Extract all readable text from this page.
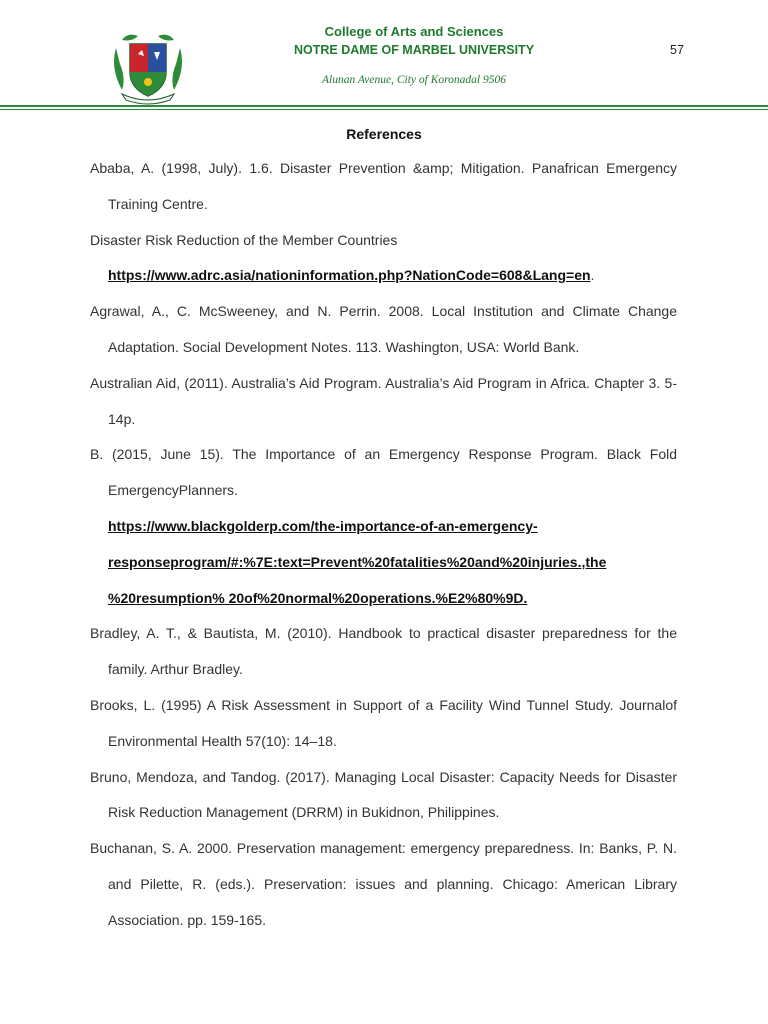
College of Arts and Sciences
NOTRE DAME OF MARBEL UNIVERSITY
Alunan Avenue, City of Koronadal 9506
57
References

Ababa, A. (1998, July). 1.6. Disaster Prevention &amp; Mitigation. Panafrican Emergency Training Centre.

Disaster Risk Reduction of the Member Countries
https://www.adrc.asia/nationinformation.php?NationCode=608&Lang=en.

Agrawal, A., C. McSweeney, and N. Perrin. 2008. Local Institution and Climate Change Adaptation. Social Development Notes. 113. Washington, USA: World Bank.

Australian Aid, (2011). Australia’s Aid Program. Australia’s Aid Program in Africa. Chapter 3. 5-14p.

B. (2015, June 15). The Importance of an Emergency Response Program. Black Fold EmergencyPlanners.
https://www.blackgolderp.com/the-importance-of-an-emergency-responseprogram/#:%7E:text=Prevent%20fatalities%20and%20injuries.,the %20resumption% 20of%20normal%20operations.%E2%80%9D.

Bradley, A. T., & Bautista, M. (2010). Handbook to practical disaster preparedness for the family. Arthur Bradley.

Brooks, L. (1995) A Risk Assessment in Support of a Facility Wind Tunnel Study. Journalof Environmental Health 57(10): 14–18.

Bruno, Mendoza, and Tandog. (2017). Managing Local Disaster: Capacity Needs for Disaster Risk Reduction Management (DRRM) in Bukidnon, Philippines.

Buchanan, S. A. 2000. Preservation management: emergency preparedness. In: Banks, P. N. and Pilette, R. (eds.). Preservation: issues and planning. Chicago: American Library Association. pp. 159-165.
